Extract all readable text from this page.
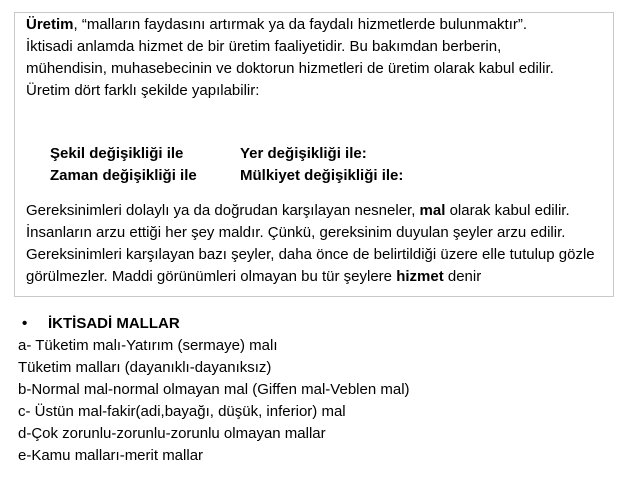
Üretim, “malların faydasını artırmak ya da faydalı hizmetlerde bulunmaktır”.
İktisadi anlamda hizmet de bir üretim faaliyetidir. Bu bakımdan berberin,
mühendisin, muhasebecinin ve doktorun hizmetleri de üretim olarak kabul edilir.
Üretim dört farklı şekilde yapılabilir:

Şekil değişikliği ile	Yer değişikliği ile:
Zaman değişikliği ile	Mülkiyet değişikliği ile:

Gereksinimleri dolaylı ya da doğrudan karşılayan nesneler, mal olarak kabul edilir. İnsanların arzu ettiği her şey maldır. Çünkü, gereksinim duyulan şeyler arzu edilir. Gereksinimleri karşılayan bazı şeyler, daha önce de belirtildiği üzere elle tutulup gözle görülmezler. Maddi görünümleri olmayan bu tür şeylere hizmet denir

•	İKTİSADİ MALLAR
a- Tüketim malı-Yatırım (sermaye) malı
Tüketim malları (dayanıklı-dayanıksız)
b-Normal mal-normal olmayan mal (Giffen mal-Veblen mal)
c- Üstün mal-fakir(adi,bayağı, düşük, inferior) mal
d-Çok zorunlu-zorunlu-zorunlu olmayan mallar
e-Kamu malları-merit mallar
